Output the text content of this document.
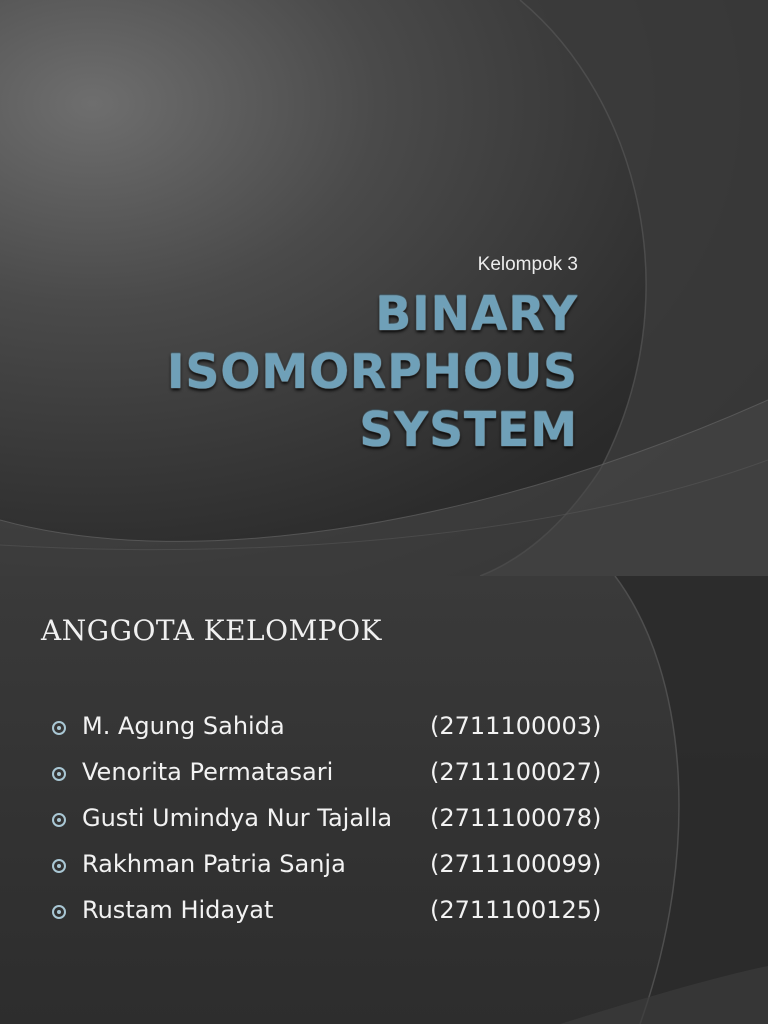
Kelompok 3

BINARY
ISOMORPHOUS
SYSTEM
ANGGOTA KELOMPOK
M. Agung Sahida	(2711100003)
Venorita Permatasari	(2711100027)
Gusti Umindya Nur Tajalla (2711100078)
Rakhman Patria Sanja	(2711100099)
Rustam Hidayat	(2711100125)
